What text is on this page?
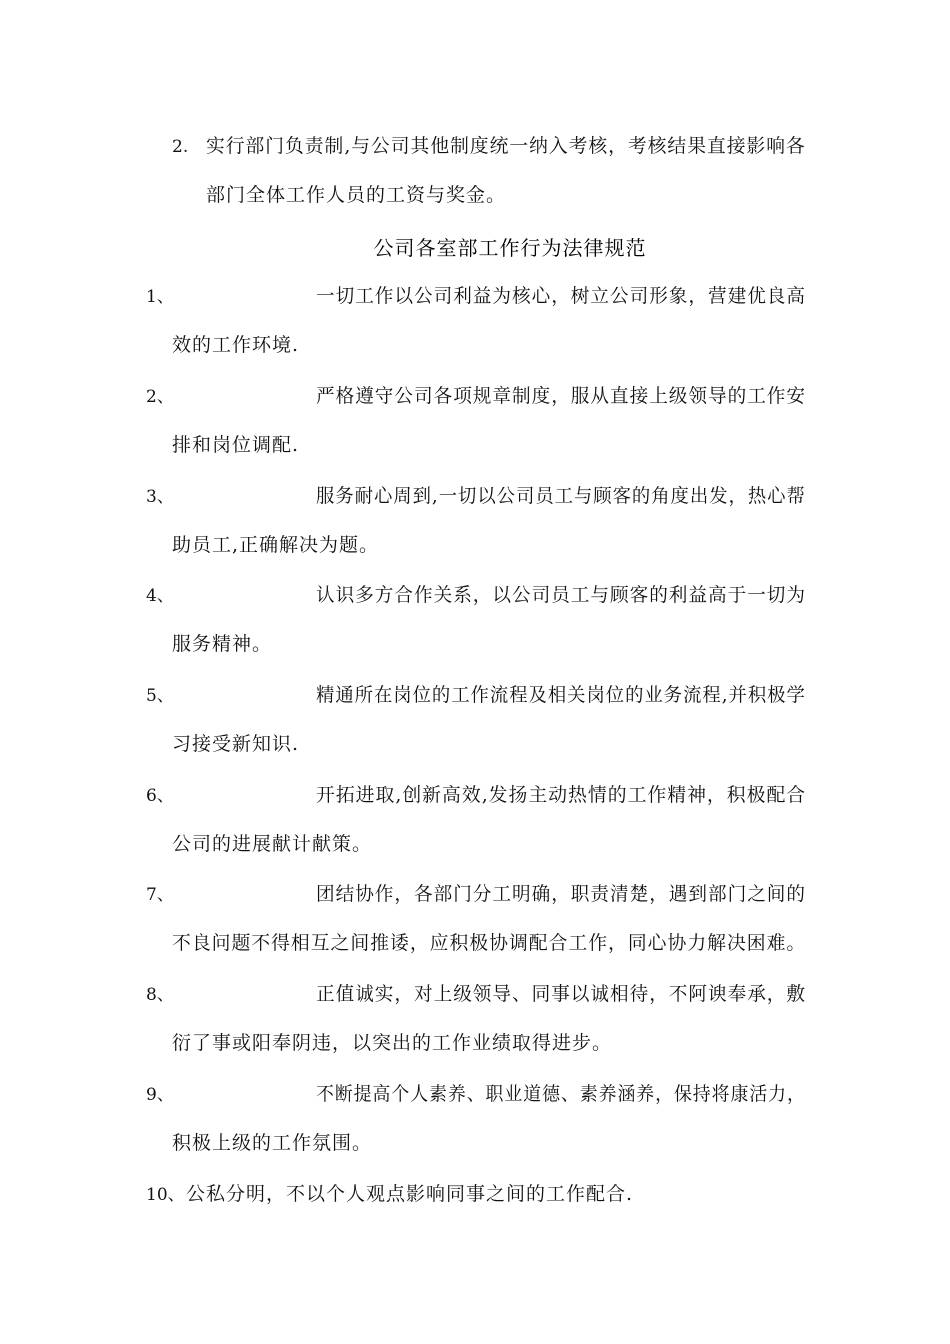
2. 实行部门负责制,与公司其他制度统一纳入考核，考核结果直接影响各
部门全体工作人员的工资与奖金。
公司各室部工作行为法律规范
1、	一切工作以公司利益为核心，树立公司形象，营建优良高
效的工作环境.
2、	严格遵守公司各项规章制度，服从直接上级领导的工作安
排和岗位调配.
3、	服务耐心周到,一切以公司员工与顾客的角度出发，热心帮
助员工,正确解决为题。
4、	认识多方合作关系，以公司员工与顾客的利益高于一切为
服务精神。
5、	精通所在岗位的工作流程及相关岗位的业务流程,并积极学
习接受新知识.
6、	开拓进取,创新高效,发扬主动热情的工作精神，积极配合
公司的进展献计献策。
7、	团结协作，各部门分工明确，职责清楚，遇到部门之间的
不良问题不得相互之间推诿，应积极协调配合工作，同心协力解决困难。
8、	正值诚实，对上级领导、同事以诚相待，不阿谀奉承，敷
衍了事或阳奉阴违，以突出的工作业绩取得进步。
9、	不断提高个人素养、职业道德、素养涵养，保持将康活力，
积极上级的工作氛围。
10、 公私分明，不以个人观点影响同事之间的工作配合.
